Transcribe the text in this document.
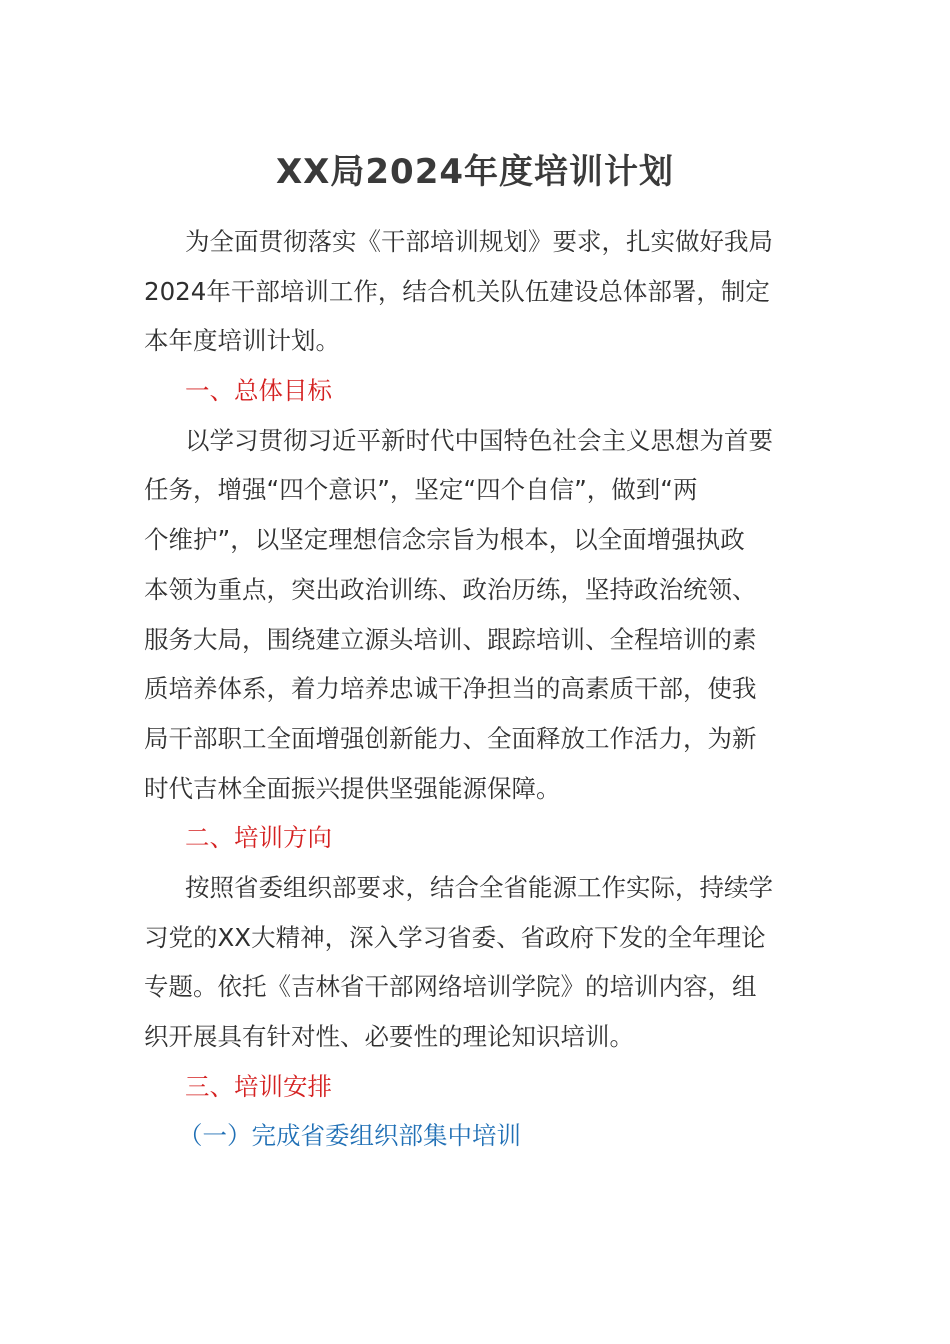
XX局2024年度培训计划
为全面贯彻落实《干部培训规划》要求，扎实做好我局
2024年干部培训工作，结合机关队伍建设总体部署，制定
本年度培训计划。
一、总体目标
以学习贯彻习近平新时代中国特色社会主义思想为首要
任务，增强“四个意识”，坚定“四个自信”，做到“两
个维护”，以坚定理想信念宗旨为根本，以全面增强执政
本领为重点，突出政治训练、政治历练，坚持政治统领、
服务大局，围绕建立源头培训、跟踪培训、全程培训的素
质培养体系，着力培养忠诚干净担当的高素质干部，使我
局干部职工全面增强创新能力、全面释放工作活力，为新
时代吉林全面振兴提供坚强能源保障。
二、培训方向
按照省委组织部要求，结合全省能源工作实际，持续学
习党的XX大精神，深入学习省委、省政府下发的全年理论
专题。依托《吉林省干部网络培训学院》的培训内容，组
织开展具有针对性、必要性的理论知识培训。
三、培训安排
（一）完成省委组织部集中培训
